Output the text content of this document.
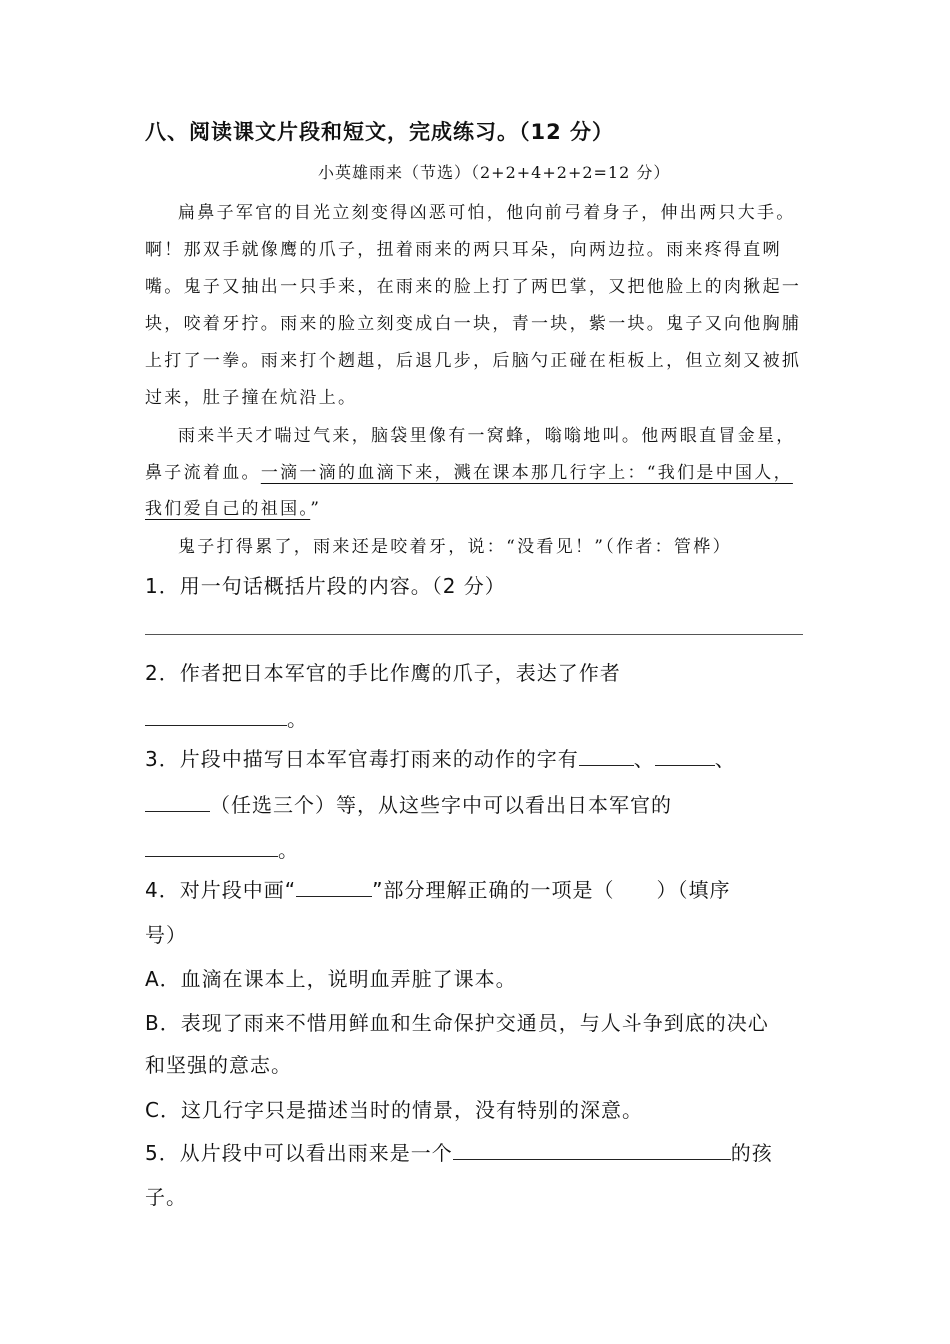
八、阅读课文片段和短文，完成练习。（12 分）
小英雄雨来（节选）（2+2+4+2+2=12 分）
扁鼻子军官的目光立刻变得凶恶可怕，他向前弓着身子，伸出两只大手。
啊！那双手就像鹰的爪子，扭着雨来的两只耳朵，向两边拉。雨来疼得直咧
嘴。鬼子又抽出一只手来，在雨来的脸上打了两巴掌，又把他脸上的肉揪起一
块，咬着牙拧。雨来的脸立刻变成白一块，青一块，紫一块。鬼子又向他胸脯
上打了一拳。雨来打个趔趄，后退几步，后脑勺正碰在柜板上，但立刻又被抓
过来，肚子撞在炕沿上。
雨来半天才喘过气来，脑袋里像有一窝蜂，嗡嗡地叫。他两眼直冒金星，
鼻子流着血。一滴一滴的血滴下来，溅在课本那几行字上：“我们是中国人，
我们爱自己的祖国。”
鬼子打得累了，雨来还是咬着牙，说：“没看见！”（作者：管桦）
1．用一句话概括片段的内容。（2 分）
2．作者把日本军官的手比作鹰的爪子，表达了作者
。
3．片段中描写日本军官毒打雨来的动作的字有	、	、
（任选三个）等，从这些字中可以看出日本军官的
。
4．对片段中画“	”部分理解正确的一项是（　　）（填序
号）
A．血滴在课本上，说明血弄脏了课本。
B．表现了雨来不惜用鲜血和生命保护交通员，与人斗争到底的决心
和坚强的意志。
C．这几行字只是描述当时的情景，没有特别的深意。
5．从片段中可以看出雨来是一个	的孩
子。
